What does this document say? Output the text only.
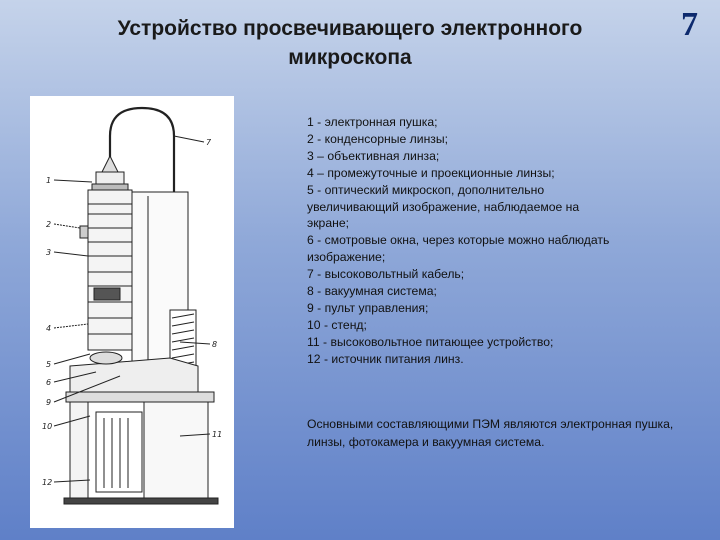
Устройство просвечивающего электронного
микроскопа
7
1
2
3
4
5
6
7
8
9
10
11
12
1 - электронная пушка;
2 - конденсорные линзы;
3 – объективная линза;
4 – промежуточные и проекционные линзы;
5 - оптический микроскоп, дополнительно
увеличивающий изображение, наблюдаемое на
экране;
6 - смотровые окна, через которые можно наблюдать
изображение;
7 - высоковольтный кабель;
8 - вакуумная система;
9 - пульт управления;
10 - стенд;
11 - высоковольтное питающее устройство;
12 - источник питания линз.
Основными составляющими ПЭМ являются электронная пушка, линзы, фотокамера и вакуумная система.
